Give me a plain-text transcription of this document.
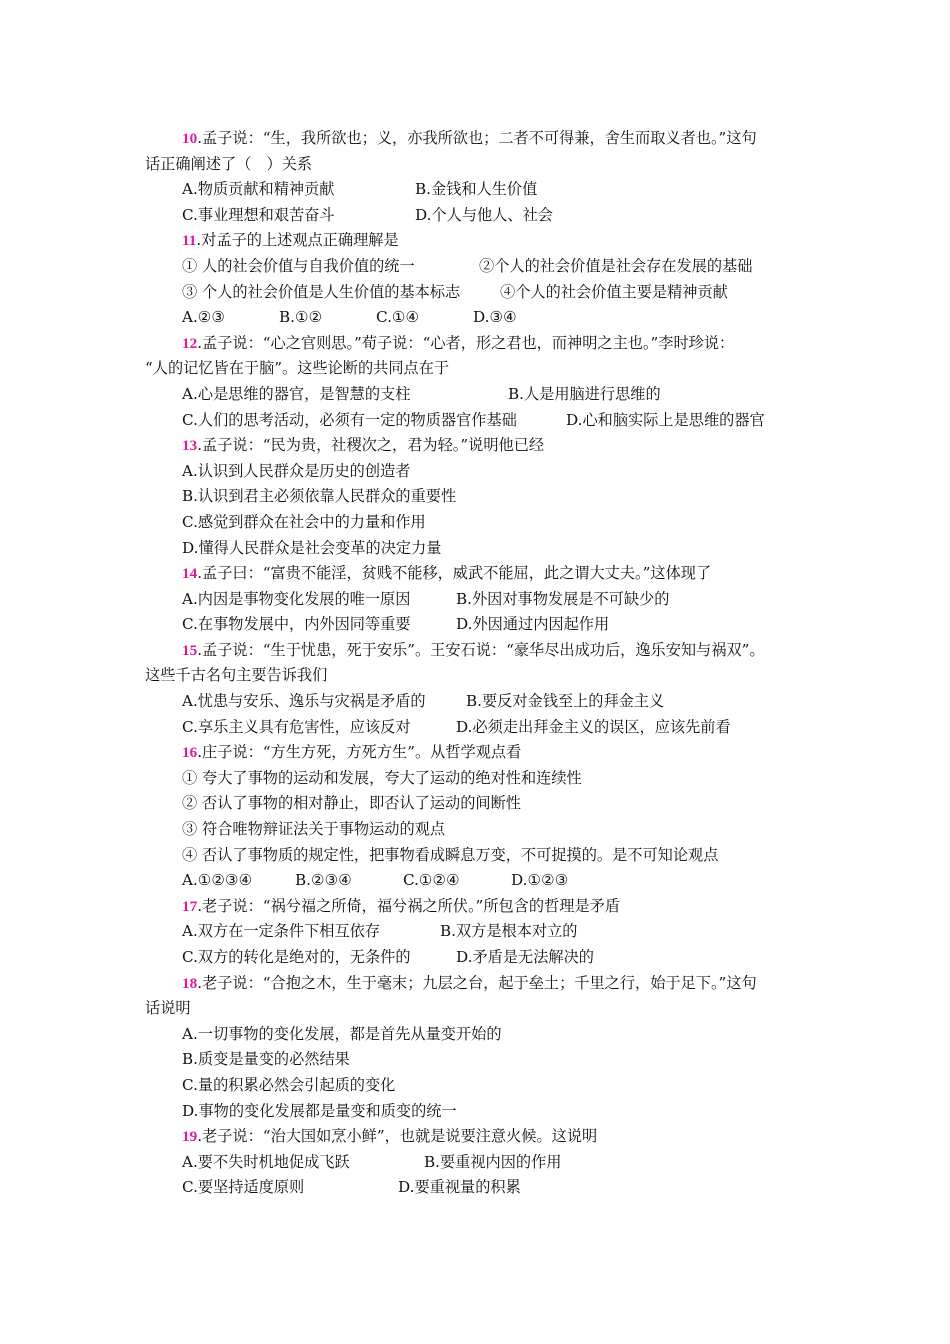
10.孟子说：“生，我所欲也；义，亦我所欲也；二者不可得兼，舍生而取义者也。”这句
话正确阐述了（　）关系
A.物质贡献和精神贡献	B.金钱和人生价值
C.事业理想和艰苦奋斗	D.个人与他人、社会
11.对孟子的上述观点正确理解是
① 人的社会价值与自我价值的统一	②个人的社会价值是社会存在发展的基础
③ 个人的社会价值是人生价值的基本标志	④个人的社会价值主要是精神贡献
A.②③	B.①②	C.①④	D.③④
12.孟子说：“心之官则思。”荀子说：“心者，形之君也，而神明之主也。”李时珍说：
“人的记忆皆在于脑”。这些论断的共同点在于
A.心是思维的器官，是智慧的支柱	B.人是用脑进行思维的
C.人们的思考活动，必须有一定的物质器官作基础	D.心和脑实际上是思维的器官
13.孟子说：“民为贵，社稷次之，君为轻。”说明他已经
A.认识到人民群众是历史的创造者
B.认识到君主必须依靠人民群众的重要性
C.感觉到群众在社会中的力量和作用
D.懂得人民群众是社会变革的决定力量
14.孟子曰：“富贵不能淫，贫贱不能移，威武不能屈，此之谓大丈夫。”这体现了
A.内因是事物变化发展的唯一原因	B.外因对事物发展是不可缺少的
C.在事物发展中，内外因同等重要	D.外因通过内因起作用
15.孟子说：“生于忧患，死于安乐”。王安石说：“豪华尽出成功后，逸乐安知与祸双”。
这些千古名句主要告诉我们
A.忧患与安乐、逸乐与灾祸是矛盾的	B.要反对金钱至上的拜金主义
C.享乐主义具有危害性，应该反对	D.必须走出拜金主义的误区，应该先前看
16.庄子说：“方生方死，方死方生”。从哲学观点看
① 夸大了事物的运动和发展，夸大了运动的绝对性和连续性
② 否认了事物的相对静止，即否认了运动的间断性
③ 符合唯物辩证法关于事物运动的观点
④ 否认了事物质的规定性，把事物看成瞬息万变，不可捉摸的。是不可知论观点
A.①②③④	B.②③④	C.①②④	D.①②③
17.老子说：“祸兮福之所倚，福兮祸之所伏。”所包含的哲理是矛盾
A.双方在一定条件下相互依存	B.双方是根本对立的
C.双方的转化是绝对的，无条件的	D.矛盾是无法解决的
18.老子说：“合抱之木，生于毫末；九层之台，起于垒土；千里之行，始于足下。”这句
话说明
A.一切事物的变化发展，都是首先从量变开始的
B.质变是量变的必然结果
C.量的积累必然会引起质的变化
D.事物的变化发展都是量变和质变的统一
19.老子说：“治大国如烹小鲜”，也就是说要注意火候。这说明
A.要不失时机地促成飞跃	B.要重视内因的作用
C.要坚持适度原则	D.要重视量的积累
